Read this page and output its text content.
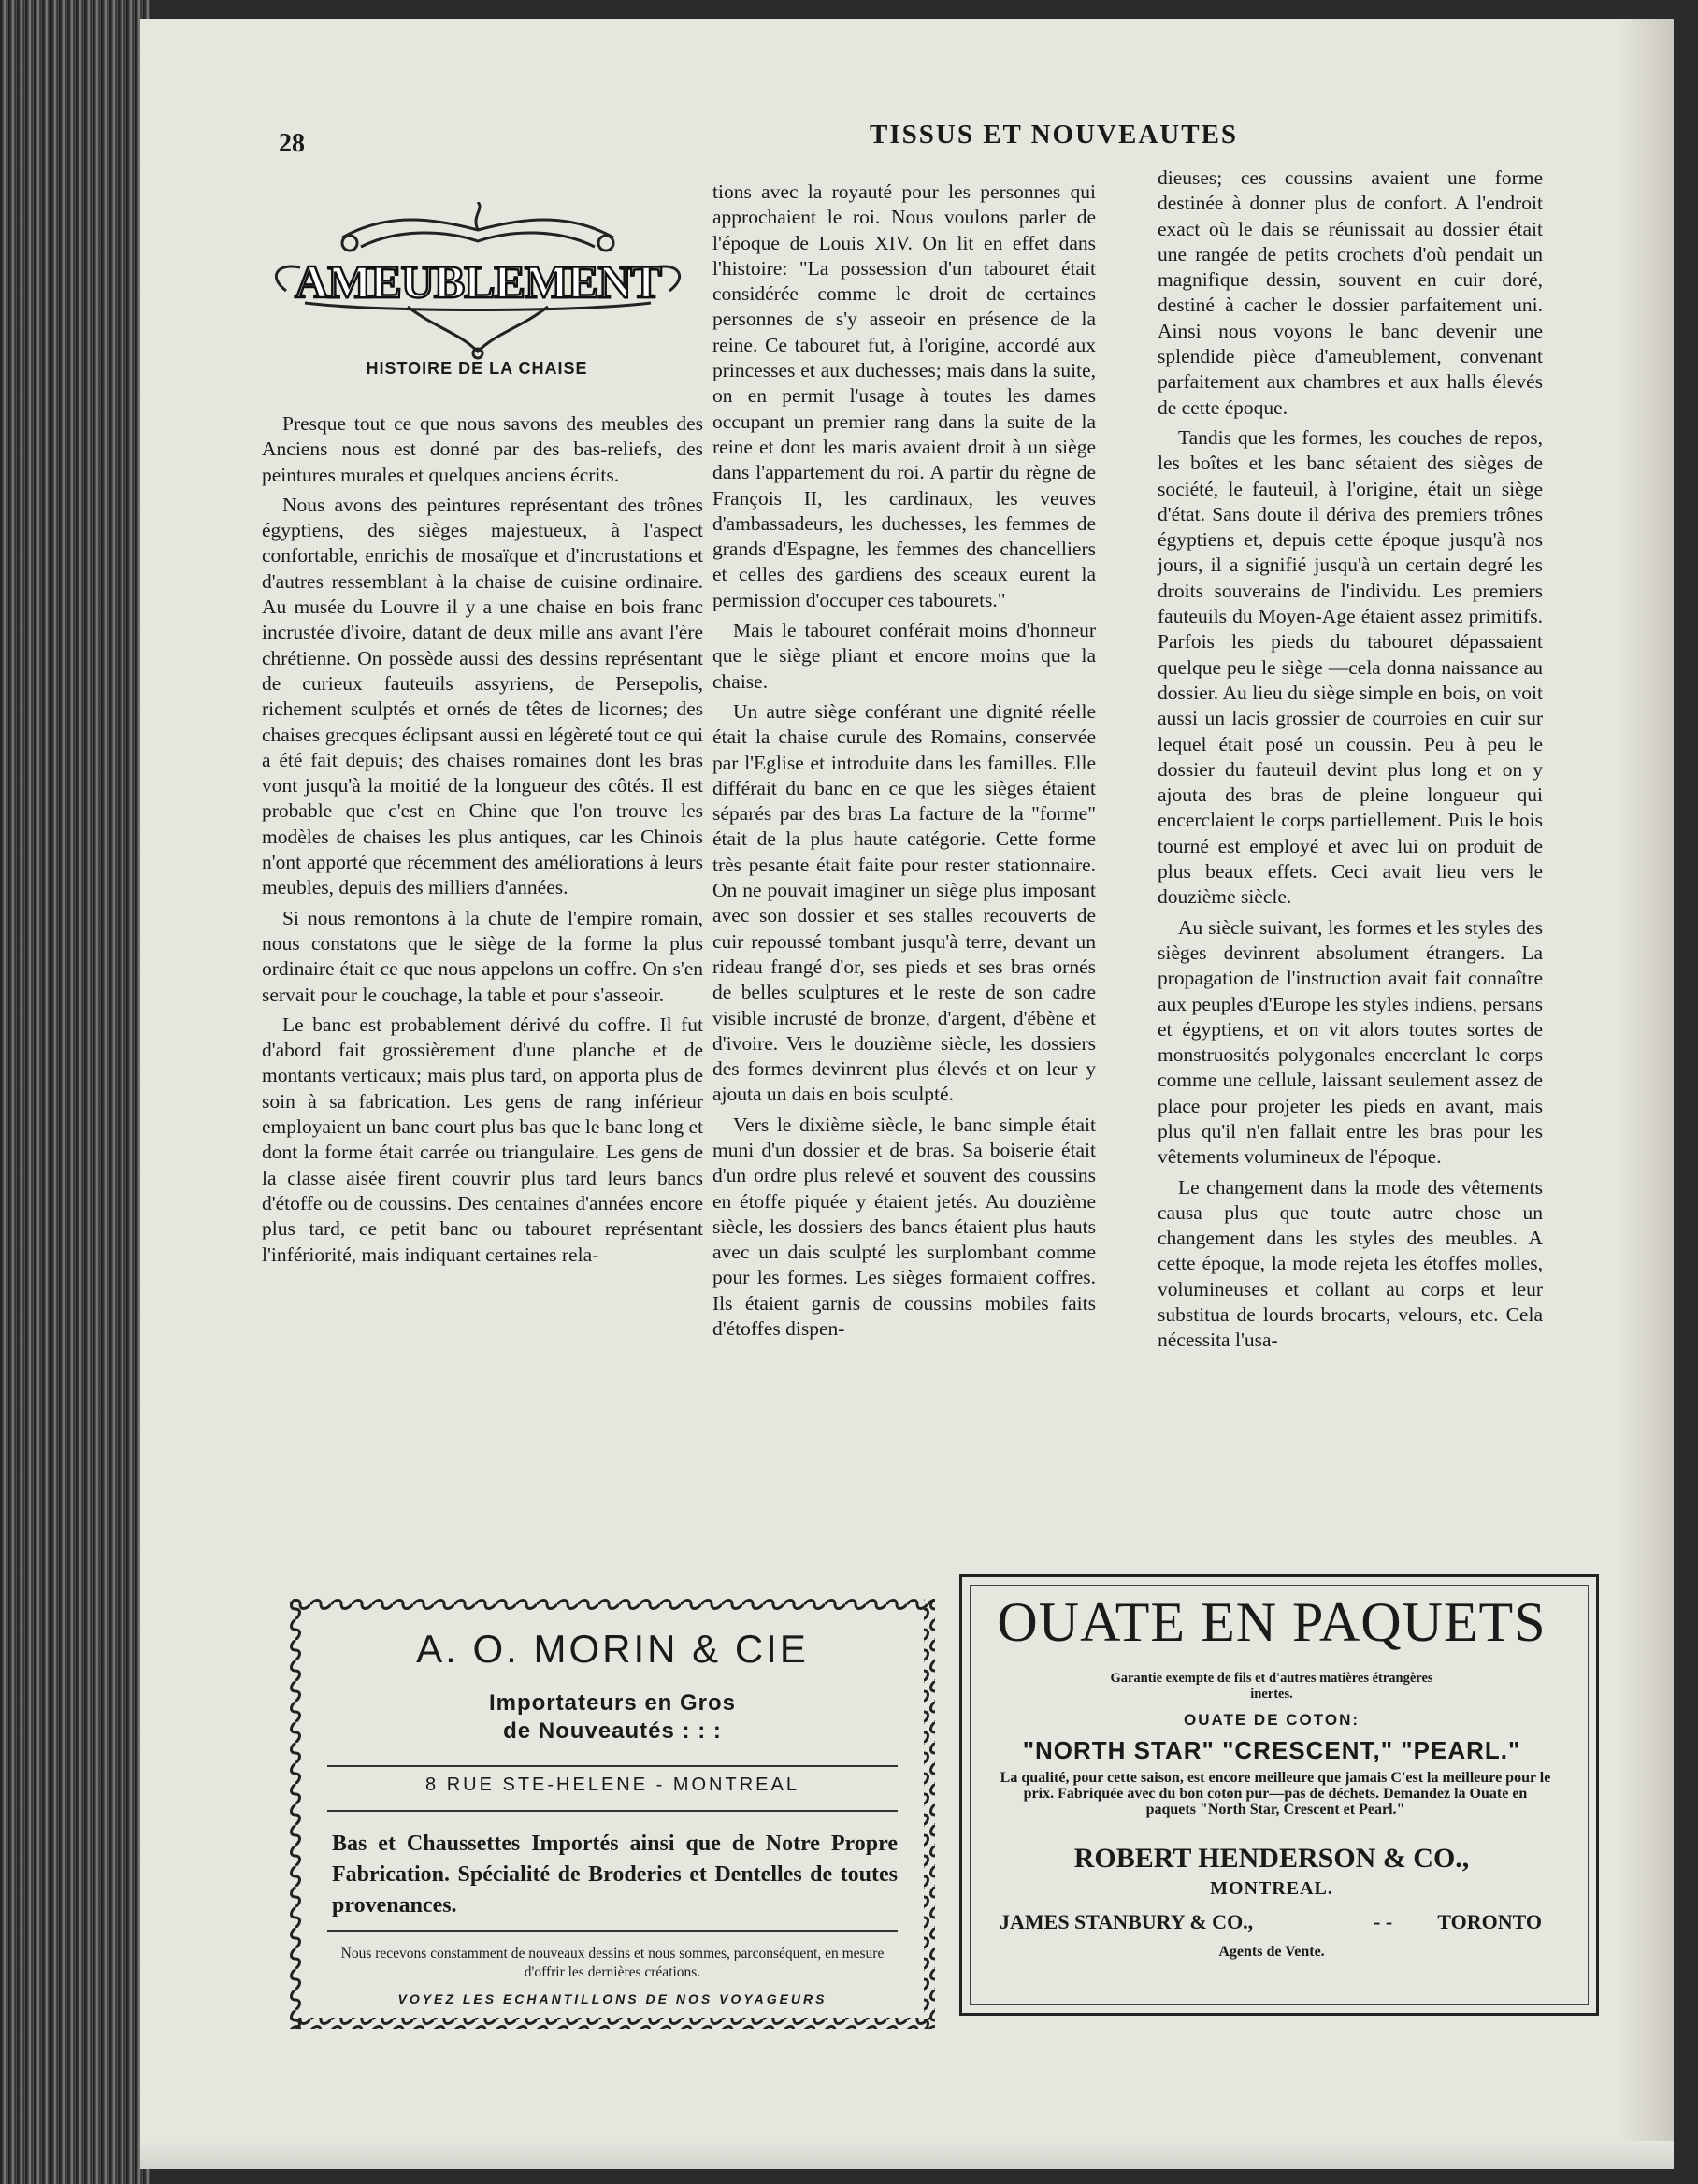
28	TISSUS ET NOUVEAUTES
AMEUBLEMENT
HISTOIRE DE LA CHAISE

Presque tout ce que nous savons des meubles des Anciens nous est donné par des bas-reliefs, des peintures murales et quelques anciens écrits.

Nous avons des peintures représentant des trônes égyptiens, des sièges majestueux, à l'aspect confortable, enrichis de mosaïque et d'incrustations et d'autres ressemblant à la chaise de cuisine ordinaire. Au musée du Louvre il y a une chaise en bois franc incrustée d'ivoire, datant de deux mille ans avant l'ère chrétienne. On possède aussi des dessins représentant de curieux fauteuils assyriens, de Persepolis, richement sculptés et ornés de têtes de licornes; des chaises grecques éclipsant aussi en légèreté tout ce qui a été fait depuis; des chaises romaines dont les bras vont jusqu'à la moitié de la longueur des côtés. Il est probable que c'est en Chine que l'on trouve les modèles de chaises les plus antiques, car les Chinois n'ont apporté que récemment des améliorations à leurs meubles, depuis des milliers d'années.

Si nous remontons à la chute de l'empire romain, nous constatons que le siège de la forme la plus ordinaire était ce que nous appelons un coffre. On s'en servait pour le couchage, la table et pour s'asseoir.

Le banc est probablement dérivé du coffre. Il fut d'abord fait grossièrement d'une planche et de montants verticaux; mais plus tard, on apporta plus de soin à sa fabrication. Les gens de rang inférieur employaient un banc court plus bas que le banc long et dont la forme était carrée ou triangulaire. Les gens de la classe aisée firent couvrir plus tard leurs bancs d'étoffe ou de coussins. Des centaines d'années encore plus tard, ce petit banc ou tabouret représentant l'infériorité, mais indiquant certaines rela-

tions avec la royauté pour les personnes qui approchaient le roi. Nous voulons parler de l'époque de Louis XIV. On lit en effet dans l'histoire: "La possession d'un tabouret était considérée comme le droit de certaines personnes de s'y asseoir en présence de la reine. Ce tabouret fut, à l'origine, accordé aux princesses et aux duchesses; mais dans la suite, on en permit l'usage à toutes les dames occupant un premier rang dans la suite de la reine et dont les maris avaient droit à un siège dans l'appartement du roi. A partir du règne de François II, les cardinaux, les veuves d'ambassadeurs, les duchesses, les femmes de grands d'Espagne, les femmes des chancelliers et celles des gardiens des sceaux eurent la permission d'occuper ces tabourets."

Mais le tabouret conférait moins d'honneur que le siège pliant et encore moins que la chaise.

Un autre siège conférant une dignité réelle était la chaise curule des Romains, conservée par l'Eglise et introduite dans les familles. Elle différait du banc en ce que les sièges étaient séparés par des bras La facture de la "forme" était de la plus haute catégorie. Cette forme très pesante était faite pour rester stationnaire. On ne pouvait imaginer un siège plus imposant avec son dossier et ses stalles recouverts de cuir repoussé tombant jusqu'à terre, devant un rideau frangé d'or, ses pieds et ses bras ornés de belles sculptures et le reste de son cadre visible incrusté de bronze, d'argent, d'ébène et d'ivoire. Vers le douzième siècle, les dossiers des formes devinrent plus élevés et on leur y ajouta un dais en bois sculpté.

Vers le dixième siècle, le banc simple était muni d'un dossier et de bras. Sa boiserie était d'un ordre plus relevé et souvent des coussins en étoffe piquée y étaient jetés. Au douzième siècle, les dossiers des bancs étaient plus hauts avec un dais sculpté les surplombant comme pour les formes. Les sièges formaient coffres. Ils étaient garnis de coussins mobiles faits d'étoffes dispen-

dieuses; ces coussins avaient une forme destinée à donner plus de confort. A l'endroit exact où le dais se réunissait au dossier était une rangée de petits crochets d'où pendait un magnifique dessin, souvent en cuir doré, destiné à cacher le dossier parfaitement uni. Ainsi nous voyons le banc devenir une splendide pièce d'ameublement, convenant parfaitement aux chambres et aux halls élevés de cette époque.

Tandis que les formes, les couches de repos, les boîtes et les banc sétaient des sièges de société, le fauteuil, à l'origine, était un siège d'état. Sans doute il dériva des premiers trônes égyptiens et, depuis cette époque jusqu'à nos jours, il a signifié jusqu'à un certain degré les droits souverains de l'individu. Les premiers fauteuils du Moyen-Age étaient assez primitifs. Parfois les pieds du tabouret dépassaient quelque peu le siège —cela donna naissance au dossier. Au lieu du siège simple en bois, on voit aussi un lacis grossier de courroies en cuir sur lequel était posé un coussin. Peu à peu le dossier du fauteuil devint plus long et on y ajouta des bras de pleine longueur qui encerclaient le corps partiellement. Puis le bois tourné est employé et avec lui on produit de plus beaux effets. Ceci avait lieu vers le douzième siècle.

Au siècle suivant, les formes et les styles des sièges devinrent absolument étrangers. La propagation de l'instruction avait fait connaître aux peuples d'Europe les styles indiens, persans et égyptiens, et on vit alors toutes sortes de monstruosités polygonales encerclant le corps comme une cellule, laissant seulement assez de place pour projeter les pieds en avant, mais plus qu'il n'en fallait entre les bras pour les vêtements volumineux de l'époque.

Le changement dans la mode des vêtements causa plus que toute autre chose un changement dans les styles des meubles. A cette époque, la mode rejeta les étoffes molles, volumineuses et collant au corps et leur substitua de lourds brocarts, velours, etc. Cela nécessita l'usa-

A. O. MORIN & CIE
Importateurs en Gros
de Nouveautés : : :
8 RUE STE-HELENE - MONTREAL
Bas et Chaussettes Importés ainsi que de Notre Propre Fabrication. Spécialité de Broderies et Dentelles de toutes provenances.
Nous recevons constamment de nouveaux dessins et nous sommes, parconséquent, en mesure d'offrir les dernières créations.
VOYEZ LES ECHANTILLONS DE NOS VOYAGEURS
OUATE EN PAQUETS
Garantie exempte de fils et d'autres matières étrangères inertes.
OUATE DE COTON:
"NORTH STAR" "CRESCENT," "PEARL."
La qualité, pour cette saison, est encore meilleure que jamais C'est la meilleure pour le prix. Fabriquée avec du bon coton pur—pas de déchets. Demandez la Ouate en paquets "North Star, Crescent et Pearl."
ROBERT HENDERSON & CO.,
MONTREAL.
JAMES STANBURY & CO.,	- - TORONTO
Agents de Vente.
